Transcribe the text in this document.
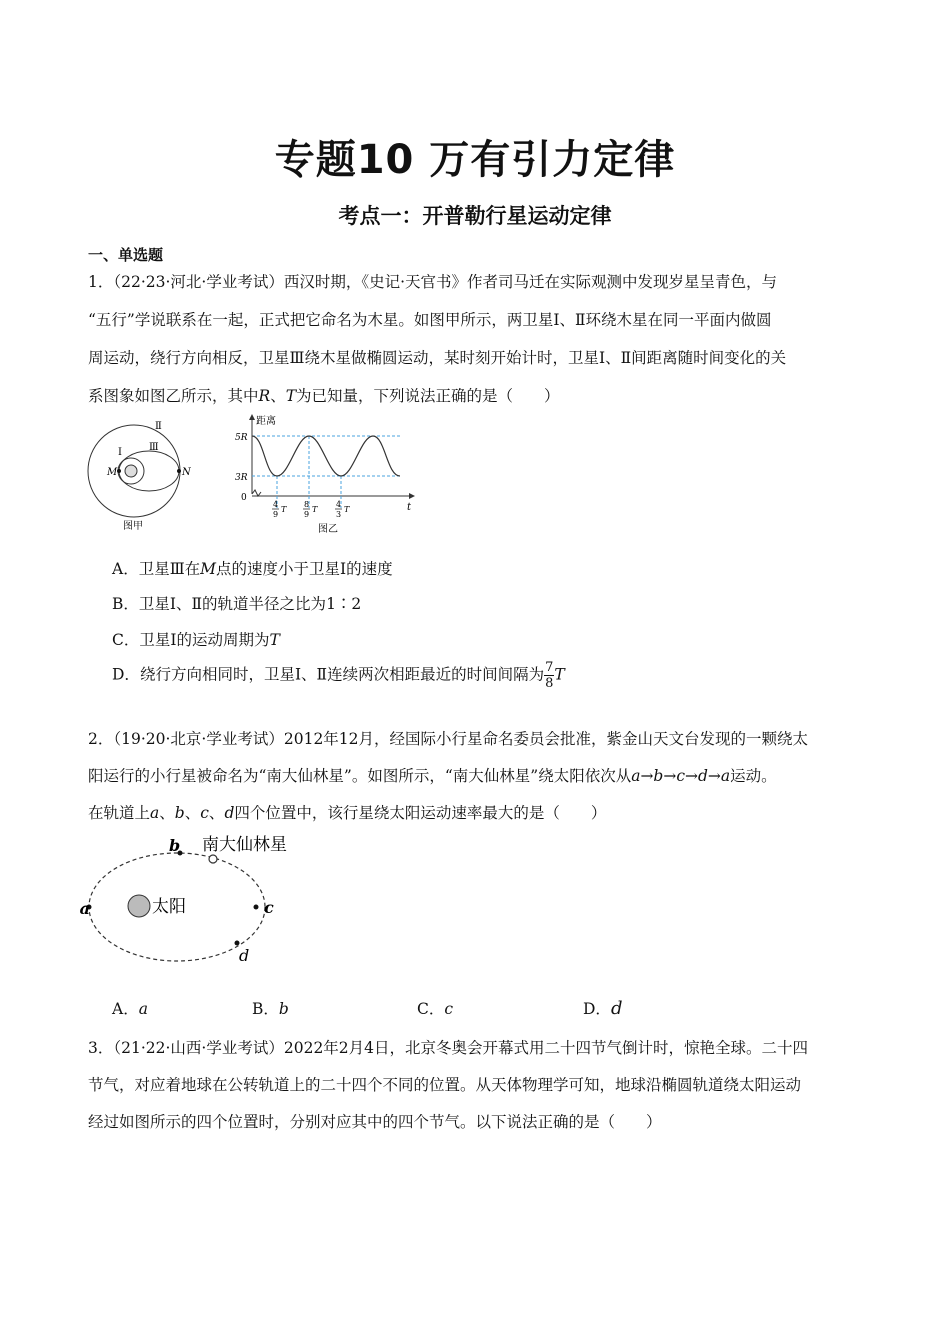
专题10 万有引力定律
考点一：开普勒行星运动定律
一、单选题
1．（22·23·河北·学业考试）西汉时期，《史记·天官书》作者司马迁在实际观测中发现岁星呈青色，与
“五行”学说联系在一起，正式把它命名为木星。如图甲所示，两卫星Ⅰ、Ⅱ环绕木星在同一平面内做圆
周运动，绕行方向相反，卫星Ⅲ绕木星做椭圆运动，某时刻开始计时，卫星Ⅰ、Ⅱ间距离随时间变化的关
系图象如图乙所示，其中R、T为已知量，下列说法正确的是（　　）
M	N
Ⅰ
Ⅱ
Ⅲ
图甲
距离
5R
3R
0
t
4
9
T
8
9
T
4
3
T
图乙
A．卫星Ⅲ在M点的速度小于卫星Ⅰ的速度
B．卫星Ⅰ、Ⅱ的轨道半径之比为1∶2
C．卫星Ⅰ的运动周期为T
D．绕行方向相同时，卫星Ⅰ、Ⅱ连续两次相距最近的时间间隔为 $\frac{7}{8}$ T
2．（19·20·北京·学业考试）2012年12月，经国际小行星命名委员会批准，紫金山天文台发现的一颗绕太
阳运行的小行星被命名为“南大仙林星”。如图所示，“南大仙林星”绕太阳依次从a→b→c→d→a运动。
在轨道上a、b、c、d四个位置中，该行星绕太阳运动速率最大的是（　　）
南大仙林星
太阳
a
b
c
d
A．a	B．b	C．c	D．d
3．（21·22·山西·学业考试）2022年2月4日，北京冬奥会开幕式用二十四节气倒计时，惊艳全球。二十四
节气，对应着地球在公转轨道上的二十四个不同的位置。从天体物理学可知，地球沿椭圆轨道绕太阳运动
经过如图所示的四个位置时，分别对应其中的四个节气。以下说法正确的是（　　）
